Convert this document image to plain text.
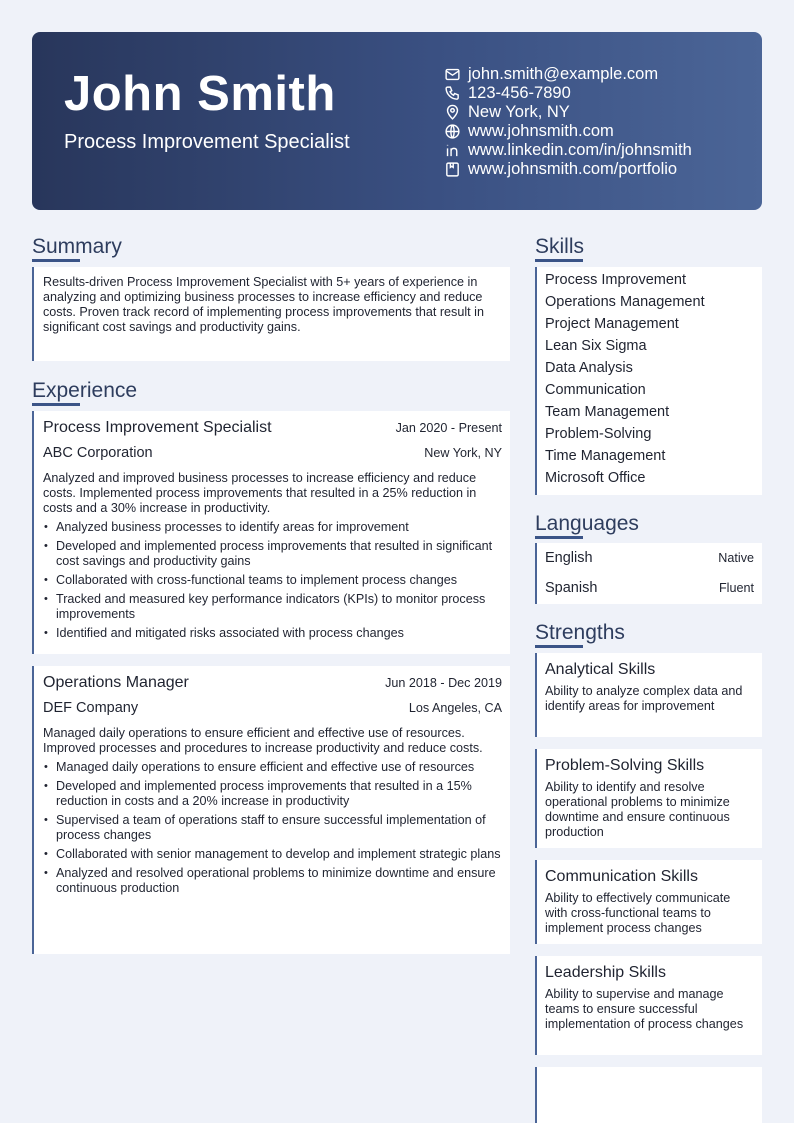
John Smith
Process Improvement Specialist
john.smith@example.com
123-456-7890
New York, NY
www.johnsmith.com
www.linkedin.com/in/johnsmith
www.johnsmith.com/portfolio
Summary
Results-driven Process Improvement Specialist with 5+ years of experience in analyzing and optimizing business processes to increase efficiency and reduce costs. Proven track record of implementing process improvements that result in significant cost savings and productivity gains.
Experience
Process Improvement Specialist	Jan 2020 - Present
ABC Corporation	New York, NY
Analyzed and improved business processes to increase efficiency and reduce costs. Implemented process improvements that resulted in a 25% reduction in costs and a 30% increase in productivity.
• Analyzed business processes to identify areas for improvement
• Developed and implemented process improvements that resulted in significant cost savings and productivity gains
• Collaborated with cross-functional teams to implement process changes
• Tracked and measured key performance indicators (KPIs) to monitor process improvements
• Identified and mitigated risks associated with process changes
Operations Manager	Jun 2018 - Dec 2019
DEF Company	Los Angeles, CA
Managed daily operations to ensure efficient and effective use of resources. Improved processes and procedures to increase productivity and reduce costs.
• Managed daily operations to ensure efficient and effective use of resources
• Developed and implemented process improvements that resulted in a 15% reduction in costs and a 20% increase in productivity
• Supervised a team of operations staff to ensure successful implementation of process changes
• Collaborated with senior management to develop and implement strategic plans
• Analyzed and resolved operational problems to minimize downtime and ensure continuous production
Skills
Process Improvement
Operations Management
Project Management
Lean Six Sigma
Data Analysis
Communication
Team Management
Problem-Solving
Time Management
Microsoft Office
Languages
English	Native
Spanish	Fluent
Strengths
Analytical Skills
Ability to analyze complex data and identify areas for improvement
Problem-Solving Skills
Ability to identify and resolve operational problems to minimize downtime and ensure continuous production
Communication Skills
Ability to effectively communicate with cross-functional teams to implement process changes
Leadership Skills
Ability to supervise and manage teams to ensure successful implementation of process changes
